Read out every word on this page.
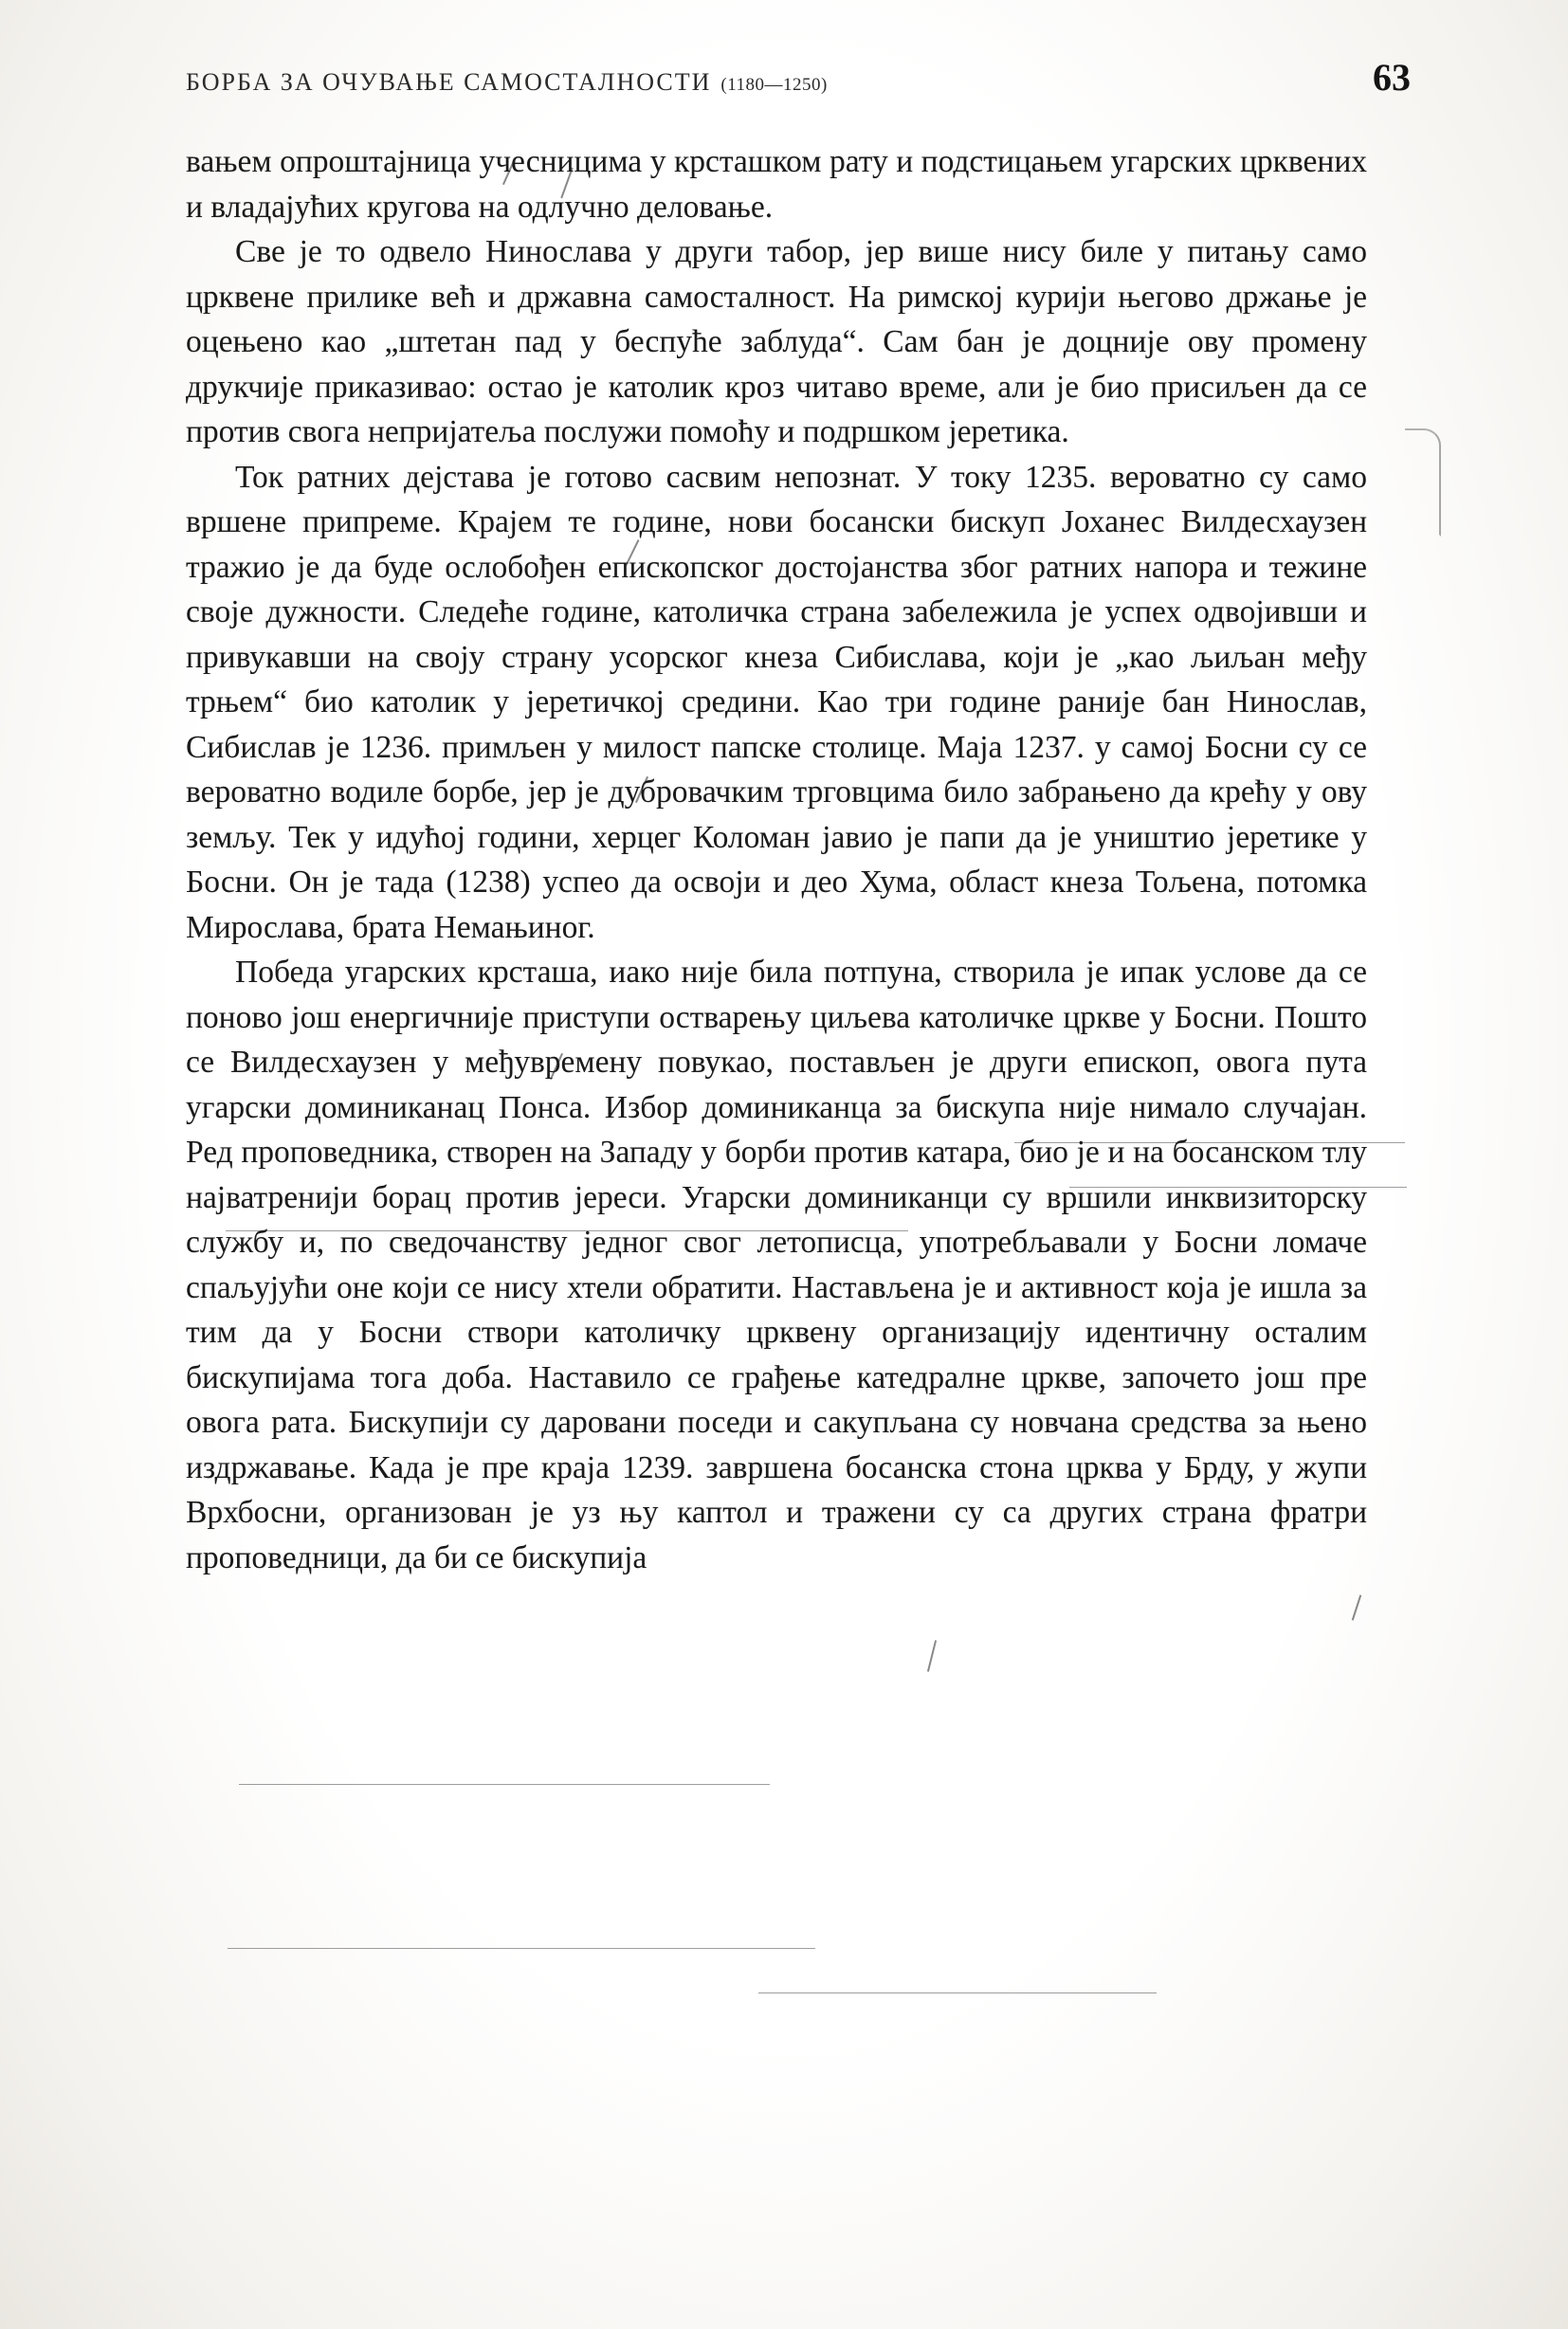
БОРБА ЗА ОЧУВАЊЕ САМОСТАЛНОСТИ (1180—1250)	63

вањем опроштајница учесницима у крсташком рату и подстицањем угарских црквених и владајућих кругова на одлучно деловање.

Све је то одвело Нинослава у други табор, јер више нису биле у питању само црквене прилике већ и државна самосталност. На римској курији његово држање је оцењено као „штетан пад у беспуће заблуда“. Сам бан је доцније ову промену друкчије приказивао: остао је католик кроз читаво време, али је био присиљен да се против свога непријатеља послужи помоћу и подршком јеретика.

Ток ратних дејстава је готово сасвим непознат. У току 1235. вероватно су само вршене припреме. Крајем те године, нови босански бискуп Јоханес Вилдесхаузен тражио је да буде ослобођен епископског достојанства због ратних напора и тежине своје дужности. Следеће године, католичка страна забележила је успех одвојивши и привукавши на своју страну усорског кнеза Сибислава, који је „као љиљан међу трњем“ био католик у јеретичкој средини. Као три године раније бан Нинослав, Сибислав је 1236. примљен у милост папске столице. Маја 1237. у самој Босни су се вероватно водиле борбе, јер је дубровачким трговцима било забрањено да крећу у ову земљу. Тек у идућој години, херцег Коломан јавио је папи да је уништио јеретике у Босни. Он је тада (1238) успео да освоји и део Хума, област кнеза Тољена, потомка Мирослава, брата Немањиног.

Победа угарских крсташа, иако није била потпуна, створила је ипак услове да се поново још енергичније приступи остварењу циљева католичке цркве у Босни. Пошто се Вилдесхаузен у међувремену повукао, постављен је други епископ, овога пута угарски доминиканац Понса. Избор доминиканца за бискупа није нимало случајан. Ред проповедника, створен на Западу у борби против катара, био је и на босанском тлу најватренији борац против јереси. Угарски доминиканци су вршили инквизиторску службу и, по сведочанству једног свог летописца, употребљавали у Босни ломаче спаљујући оне који се нису хтели обратити. Настављена је и активност која је ишла за тим да у Босни створи католичку црквену организацију идентичну осталим бискупијама тога доба. Наставило се грађење катедралне цркве, започето још пре овога рата. Бискупији су даровани поседи и сакупљана су новчана средства за њено издржавање. Када је пре краја 1239. завршена босанска стона црква у Брду, у жупи Врхбосни, организован је уз њу каптол и тражени су са других страна фратри проповедници, да би се бискупија
